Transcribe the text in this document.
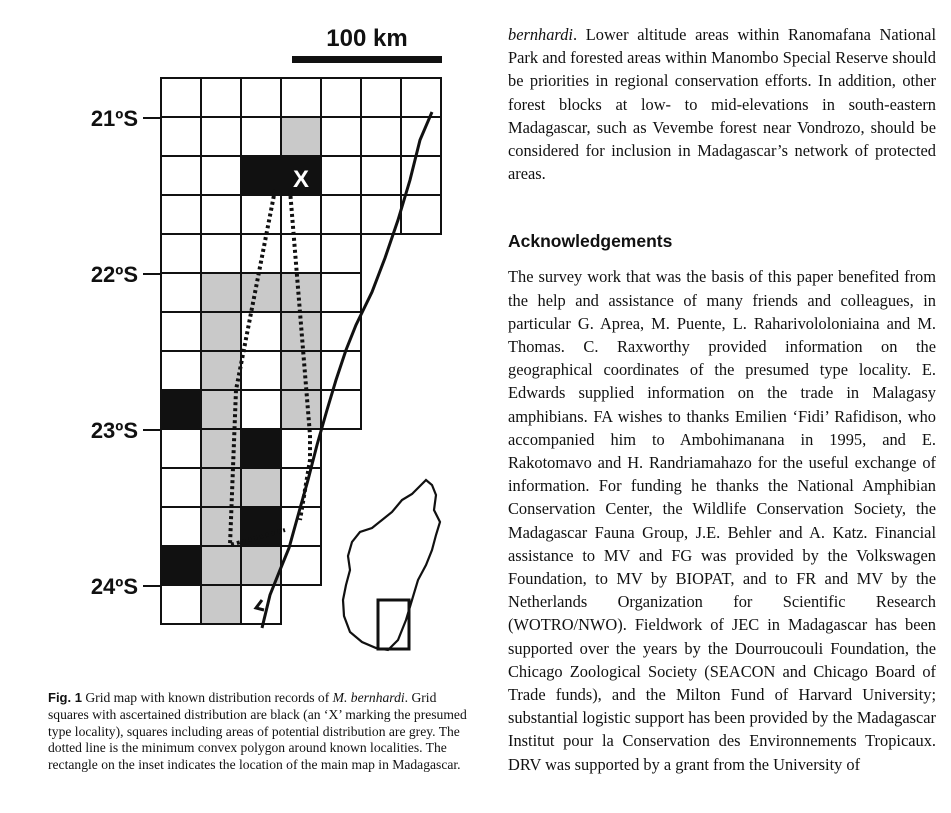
100 km
X
21ºS
22ºS
23ºS
24ºS
Fig. 1 Grid map with known distribution records of M. bernhardi. Grid squares with ascertained distribution are black (an ‘X’ marking the presumed type locality), squares including areas of potential distribution are grey. The dotted line is the minimum convex polygon around known localities. The rectangle on the inset indicates the location of the main map in Madagascar.

bernhardi. Lower altitude areas within Ranomafana National Park and forested areas within Manombo Special Reserve should be priorities in regional conservation efforts. In addition, other forest blocks at low- to mid-elevations in south-eastern Madagascar, such as Vevembe forest near Vondrozo, should be considered for inclusion in Madagascar’s network of protected areas.

Acknowledgements

The survey work that was the basis of this paper benefited from the help and assistance of many friends and colleagues, in particular G. Aprea, M. Puente, L. Raharivololoniaina and M. Thomas. C. Raxworthy provided information on the geographical coordinates of the presumed type locality. E. Edwards supplied information on the trade in Malagasy amphibians. FA wishes to thanks Emilien ‘Fidi’ Rafidison, who accompanied him to Ambohimanana in 1995, and E. Rakotomavo and H. Randriamahazo for the useful exchange of information. For funding he thanks the National Amphibian Conservation Center, the Wildlife Conservation Society, the Madagascar Fauna Group, J.E. Behler and A. Katz. Financial assistance to MV and FG was provided by the Volkswagen Foundation, to MV by BIOPAT, and to FR and MV by the Netherlands Organization for Scientific Research (WOTRO/NWO). Fieldwork of JEC in Madagascar has been supported over the years by the Dourroucouli Foundation, the Chicago Zoological Society (SEACON and Chicago Board of Trade funds), and the Milton Fund of Harvard University; substantial logistic support has been provided by the Madagascar Institut pour la Conservation des Environnements Tropicaux. DRV was supported by a grant from the University of
